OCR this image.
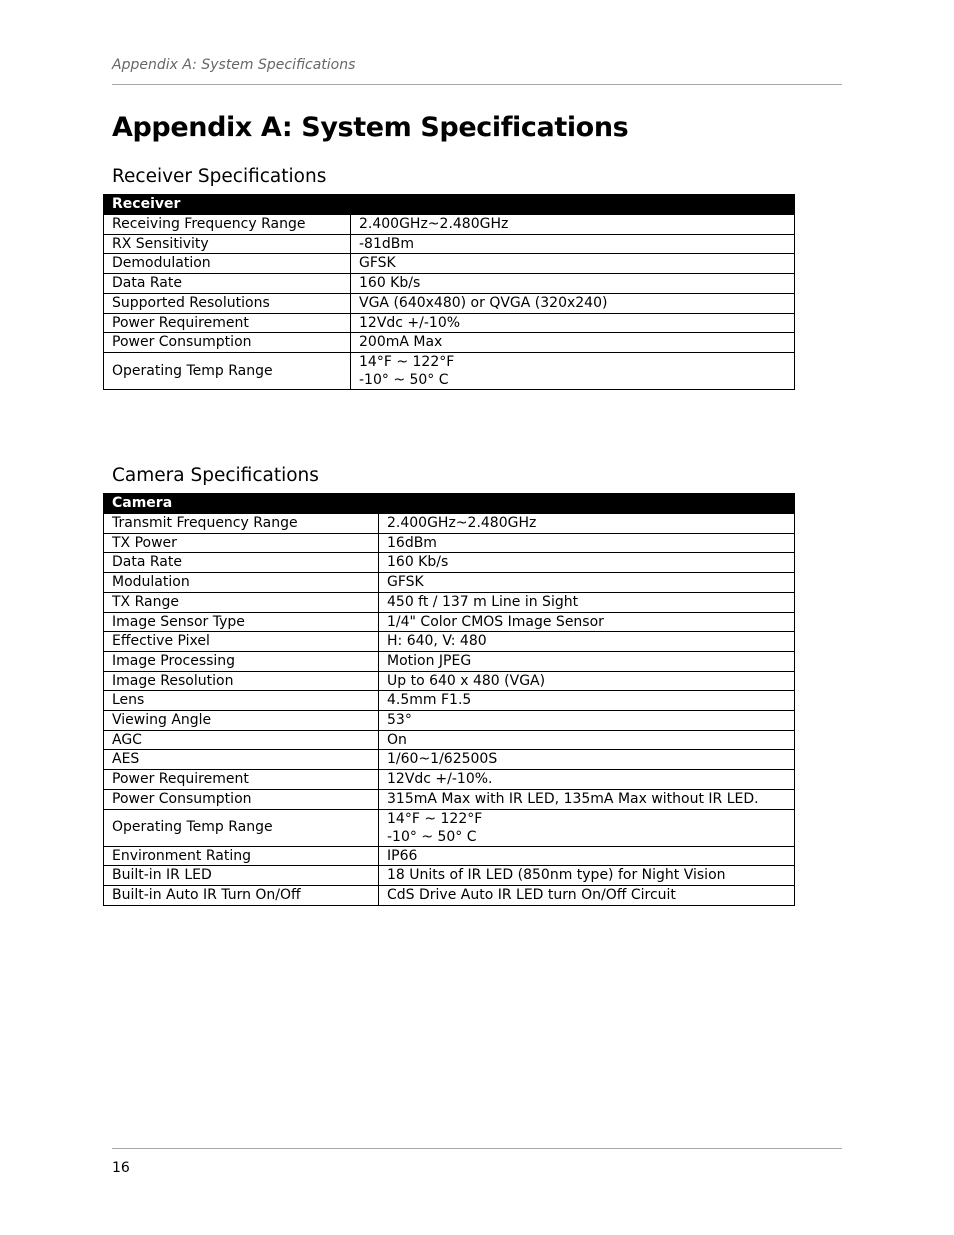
Appendix A: System Specifications
Appendix A: System Specifications
Receiver Specifications
Receiver	
Receiving Frequency Range	2.400GHz~2.480GHz
RX Sensitivity	-81dBm
Demodulation	GFSK
Data Rate	160 Kb/s
Supported Resolutions	VGA (640x480) or QVGA (320x240)
Power Requirement	12Vdc +/-10%
Power Consumption	200mA Max
Operating Temp Range	14°F ~ 122°F
-10° ~ 50° C
Camera Specifications
Camera	
Transmit Frequency Range	2.400GHz~2.480GHz
TX Power	16dBm
Data Rate	160 Kb/s
Modulation	GFSK
TX Range	450 ft / 137 m Line in Sight
Image Sensor Type	1/4" Color CMOS Image Sensor
Effective Pixel	H: 640, V: 480
Image Processing	Motion JPEG
Image Resolution	Up to 640 x 480 (VGA)
Lens	4.5mm F1.5
Viewing Angle	53°
AGC	On
AES	1/60~1/62500S
Power Requirement	12Vdc +/-10%.
Power Consumption	315mA Max with IR LED, 135mA Max without IR LED.
Operating Temp Range	14°F ~ 122°F
-10° ~ 50° C

Environment Rating	IP66
Built-in IR LED	18 Units of IR LED (850nm type) for Night Vision
Built-in Auto IR Turn On/Off	CdS Drive Auto IR LED turn On/Off Circuit
16
